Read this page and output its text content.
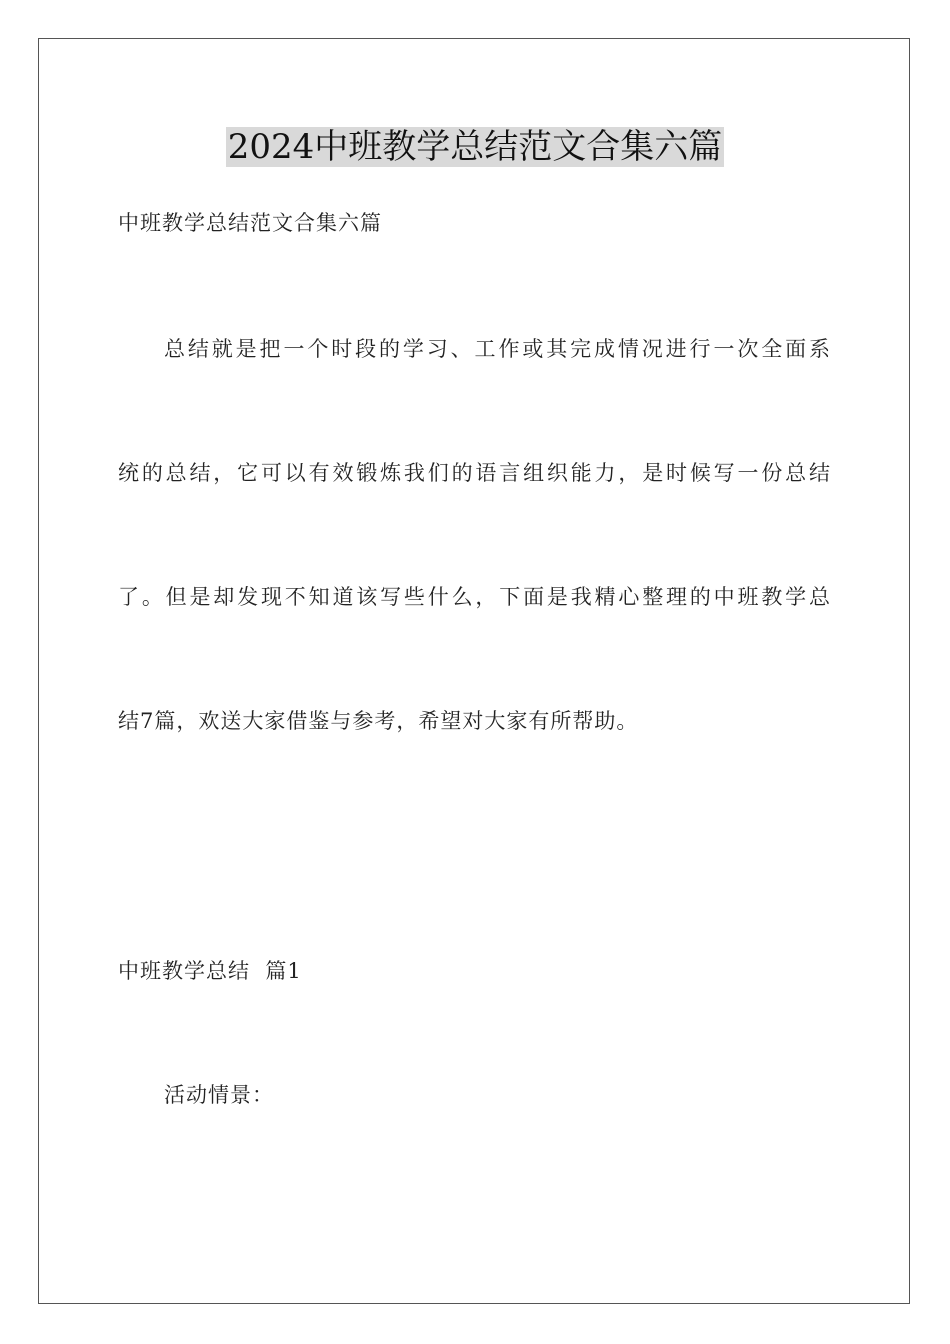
2024中班教学总结范文合集六篇

中班教学总结范文合集六篇

总结就是把一个时段的学习、工作或其完成情况进行一次全面系

统的总结，它可以有效锻炼我们的语言组织能力，是时候写一份总结

了。但是却发现不知道该写些什么，下面是我精心整理的中班教学总

结7篇，欢送大家借鉴与参考，希望对大家有所帮助。

中班教学总结  篇1

活动情景：
